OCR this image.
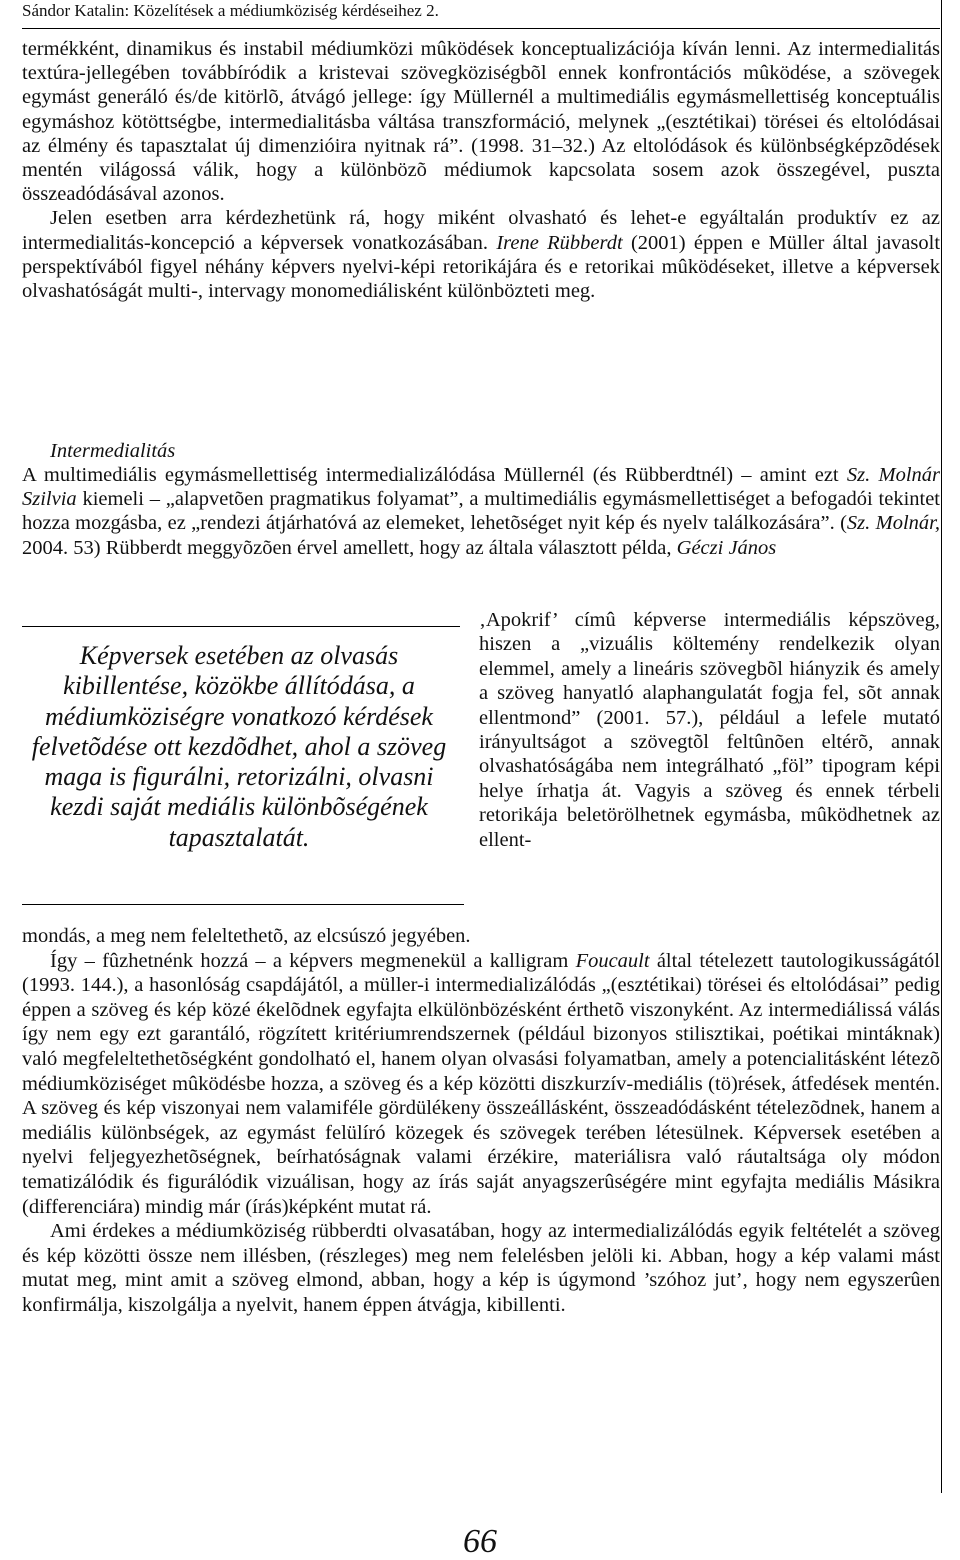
Sándor Katalin: Közelítések a médiumköziség kérdéseihez 2.

termékként, dinamikus és instabil médiumközi mûködések konceptualizációja kíván lenni. Az intermedialitás textúra-jellegében továbbíródik a kristevai szövegköziségbõl ennek konfrontációs mûködése, a szövegek egymást generáló és/de kitörlõ, átvágó jellege: így Müllernél a multimediális egymásmellettiség konceptuális egymáshoz kötöttségbe, intermedialitásba váltása transzformáció, melynek „(esztétikai) törései és eltolódásai az élmény és tapasztalat új dimenzióira nyitnak rá”. (1998. 31–32.) Az eltolódások és különbségképzõdések mentén világossá válik, hogy a különbözõ médiumok kapcsolata sosem azok összegével, puszta összeadódásával azonos.

Jelen esetben arra kérdezhetünk rá, hogy miként olvasható és lehet-e egyáltalán produktív ez az intermedialitás-koncepció a képversek vonatkozásában. Irene Rübberdt (2001) éppen e Müller által javasolt perspektívából figyel néhány képvers nyelvi-képi retorikájára és e retorikai mûködéseket, illetve a képversek olvashatóságát multi-, intervagy monomediálisként különbözteti meg.

Intermedialitás

A multimediális egymásmellettiség intermedializálódása Müllernél (és Rübberdtnél) – amint ezt Sz. Molnár Szilvia kiemeli – „alapvetõen pragmatikus folyamat”, a multimediális egymásmellettiséget a befogadói tekintet hozza mozgásba, ez „rendezi átjárhatóvá az elemeket, lehetõséget nyit kép és nyelv találkozására”. (Sz. Molnár, 2004. 53) Rübberdt meggyõzõen érvel amellett, hogy az általa választott példa, Géczi János

Képversek esetében az olvasás kibillentése, közökbe állítódása, a médiumköziségre vonatkozó kérdések felvetõdése ott kezdõdhet, ahol a szöveg maga is figurálni, retorizálni, olvasni kezdi saját mediális különbõségének tapasztalatát.

‚Apokrif’ címû képverse intermediális képszöveg, hiszen a „vizuális költemény rendelkezik olyan elemmel, amely a lineáris szövegbõl hiányzik és amely a szöveg hanyatló alaphangulatát fogja fel, sõt annak ellentmond” (2001. 57.), például a lefele mutató irányultságot a szövegtõl feltûnõen eltérõ, annak olvashatóságába nem integrálható „föl” tipogram képi helye írhatja át. Vagyis a szöveg és ennek térbeli retorikája beletörölhetnek egymásba, mûködhetnek az ellent-

mondás, a meg nem feleltethetõ, az elcsúszó jegyében.

Így – fûzhetnénk hozzá – a képvers megmenekül a kalligram Foucault által tételezett tautologikusságától (1993. 144.), a hasonlóság csapdájától, a müller-i intermedializálódás „(esztétikai) törései és eltolódásai” pedig éppen a szöveg és kép közé ékelõdnek egyfajta elkülönbözésként érthetõ viszonyként. Az intermediálissá válás így nem egy ezt garantáló, rögzített kritériumrendszernek (például bizonyos stilisztikai, poétikai mintáknak) való megfeleltethetõségként gondolható el, hanem olyan olvasási folyamatban, amely a potencialitásként létezõ médiumköziséget mûködésbe hozza, a szöveg és a kép közötti diszkurzív-mediális (tö)rések, átfedések mentén. A szöveg és kép viszonyai nem valamiféle gördülékeny összeállásként, összeadódásként tételezõdnek, hanem a mediális különbségek, az egymást felülíró közegek és szövegek terében létesülnek. Képversek esetében a nyelvi feljegyezhetõségnek, beírhatóságnak valami érzékire, materiálisra való ráutaltsága oly módon tematizálódik és figurálódik vizuálisan, hogy az írás saját anyagszerûségére mint egyfajta mediális Másikra (differenciára) mindig már (írás)képként mutat rá.

Ami érdekes a médiumköziség rübberdti olvasatában, hogy az intermedializálódás egyik feltételét a szöveg és kép közötti össze nem illésben, (részleges) meg nem felelésben jelöli ki. Abban, hogy a kép valami mást mutat meg, mint amit a szöveg elmond, abban, hogy a kép is úgymond ’szóhoz jut’, hogy nem egyszerûen konfirmálja, kiszolgálja a nyelvit, hanem éppen átvágja, kibillenti.

66
